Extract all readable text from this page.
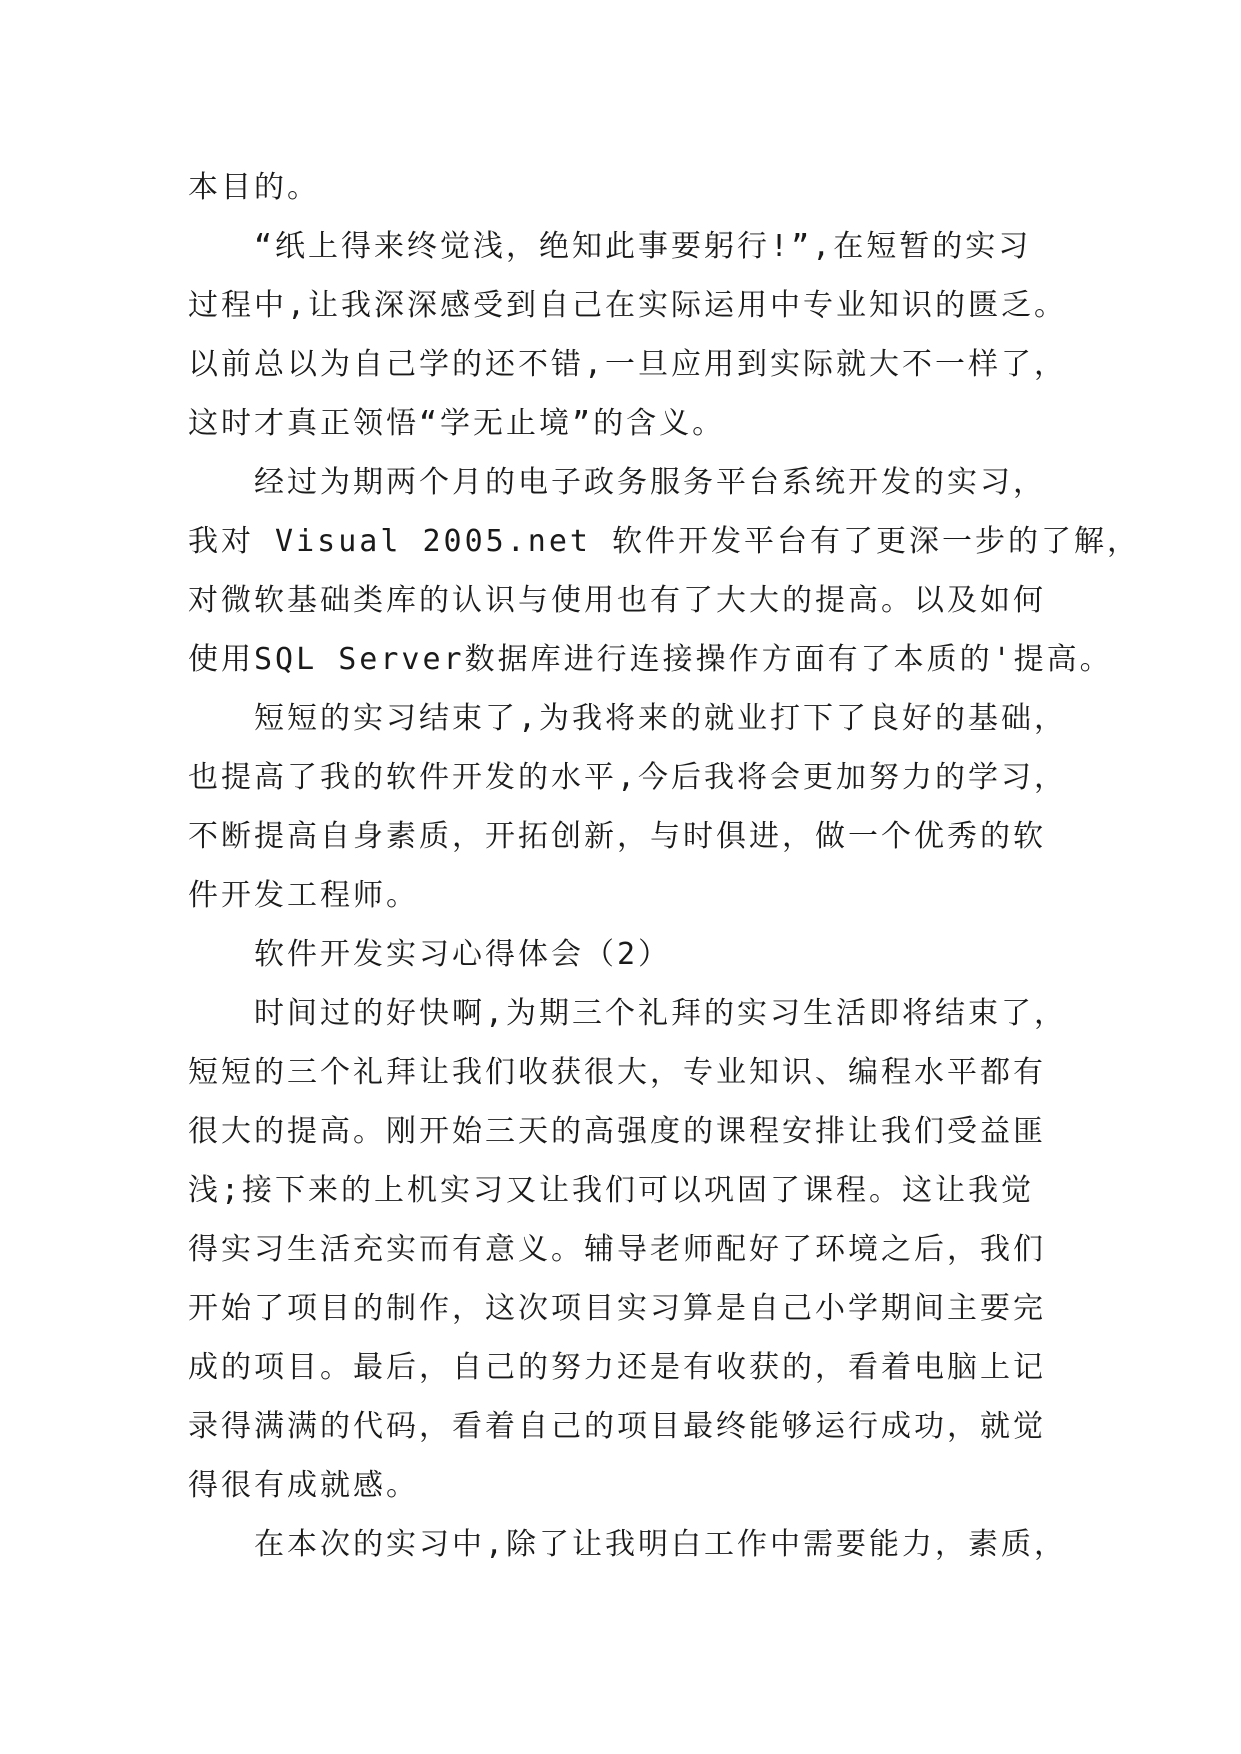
本目的。
“纸上得来终觉浅，绝知此事要躬行!”,在短暂的实习
过程中,让我深深感受到自己在实际运用中专业知识的匮乏。
以前总以为自己学的还不错,一旦应用到实际就大不一样了，
这时才真正领悟“学无止境”的含义。
经过为期两个月的电子政务服务平台系统开发的实习，
我对 Visual 2005.net 软件开发平台有了更深一步的了解，
对微软基础类库的认识与使用也有了大大的提高。以及如何
使用SQL Server数据库进行连接操作方面有了本质的'提高。
短短的实习结束了,为我将来的就业打下了良好的基础，
也提高了我的软件开发的水平,今后我将会更加努力的学习，
不断提高自身素质，开拓创新，与时俱进，做一个优秀的软
件开发工程师。
软件开发实习心得体会（2）
时间过的好快啊,为期三个礼拜的实习生活即将结束了，
短短的三个礼拜让我们收获很大，专业知识、编程水平都有
很大的提高。刚开始三天的高强度的课程安排让我们受益匪
浅;接下来的上机实习又让我们可以巩固了课程。这让我觉
得实习生活充实而有意义。辅导老师配好了环境之后，我们
开始了项目的制作，这次项目实习算是自己小学期间主要完
成的项目。最后，自己的努力还是有收获的，看着电脑上记
录得满满的代码，看着自己的项目最终能够运行成功，就觉
得很有成就感。
在本次的实习中,除了让我明白工作中需要能力，素质，
